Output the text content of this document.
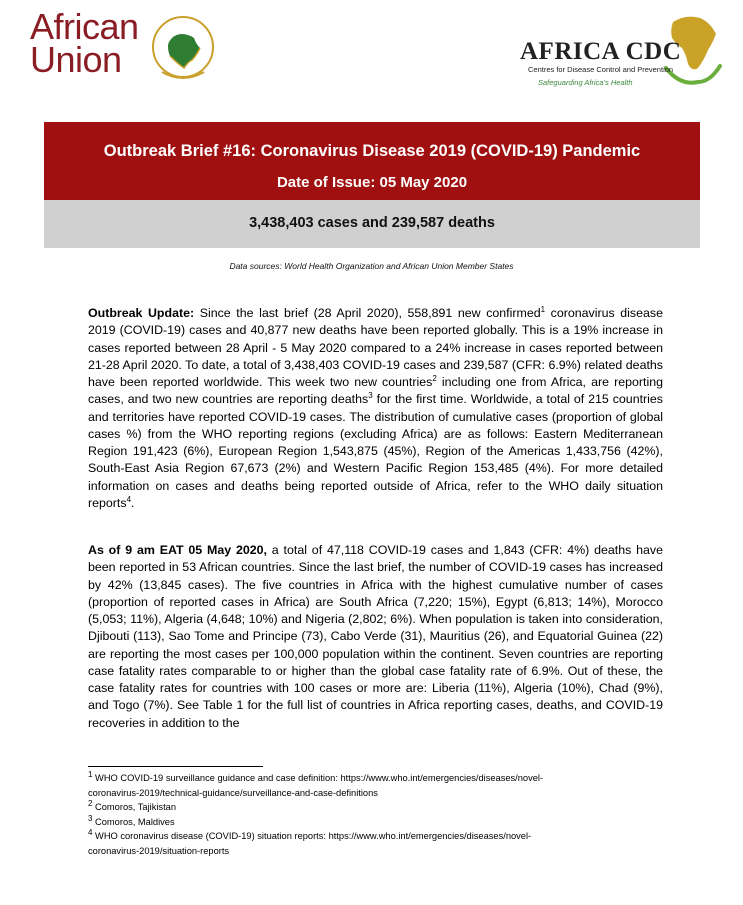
African
Union	AFRICA CDC
Centres for Disease Control and Prevention
Safeguarding Africa's Health
Outbreak Brief #16: Coronavirus Disease 2019 (COVID-19) Pandemic
Date of Issue: 05 May 2020
3,438,403 cases and 239,587 deaths
Data sources: World Health Organization and African Union Member States
Outbreak Update: Since the last brief (28 April 2020), 558,891 new confirmed$^1$ coronavirus disease 2019 (COVID-19) cases and 40,877 new deaths have been reported globally. This is a 19% increase in cases reported between 28 April - 5 May 2020 compared to a 24% increase in cases reported between 21-28 April 2020. To date, a total of 3,438,403 COVID-19 cases and 239,587 (CFR: 6.9%) related deaths have been reported worldwide. This week two new countries$^2$ including one from Africa, are reporting cases, and two new countries are reporting deaths$^3$ for the first time. Worldwide, a total of 215 countries and territories have reported COVID-19 cases. The distribution of cumulative cases (proportion of global cases %) from the WHO reporting regions (excluding Africa) are as follows: Eastern Mediterranean Region 191,423 (6%), European Region 1,543,875 (45%), Region of the Americas 1,433,756 (42%), South-East Asia Region 67,673 (2%) and Western Pacific Region 153,485 (4%). For more detailed information on cases and deaths being reported outside of Africa, refer to the WHO daily situation reports$^4$.
As of 9 am EAT 05 May 2020, a total of 47,118 COVID-19 cases and 1,843 (CFR: 4%) deaths have been reported in 53 African countries. Since the last brief, the number of COVID-19 cases has increased by 42% (13,845 cases). The five countries in Africa with the highest cumulative number of cases (proportion of reported cases in Africa) are South Africa (7,220; 15%), Egypt (6,813; 14%), Morocco (5,053; 11%), Algeria (4,648; 10%) and Nigeria (2,802; 6%). When population is taken into consideration, Djibouti (113), Sao Tome and Principe (73), Cabo Verde (31), Mauritius (26), and Equatorial Guinea (22) are reporting the most cases per 100,000 population within the continent. Seven countries are reporting case fatality rates comparable to or higher than the global case fatality rate of 6.9%. Out of these, the case fatality rates for countries with 100 cases or more are: Liberia (11%), Algeria (10%), Chad (9%), and Togo (7%). See Table 1 for the full list of countries in Africa reporting cases, deaths, and COVID-19 recoveries in addition to the
$^1$ WHO COVID-19 surveillance guidance and case definition: https://www.who.int/emergencies/diseases/novel-
coronavirus-2019/technical-guidance/surveillance-and-case-definitions
$^2$ Comoros, Tajikistan
$^3$ Comoros, Maldives
$^4$ WHO coronavirus disease (COVID-19) situation reports: https://www.who.int/emergencies/diseases/novel-
coronavirus-2019/situation-reports
